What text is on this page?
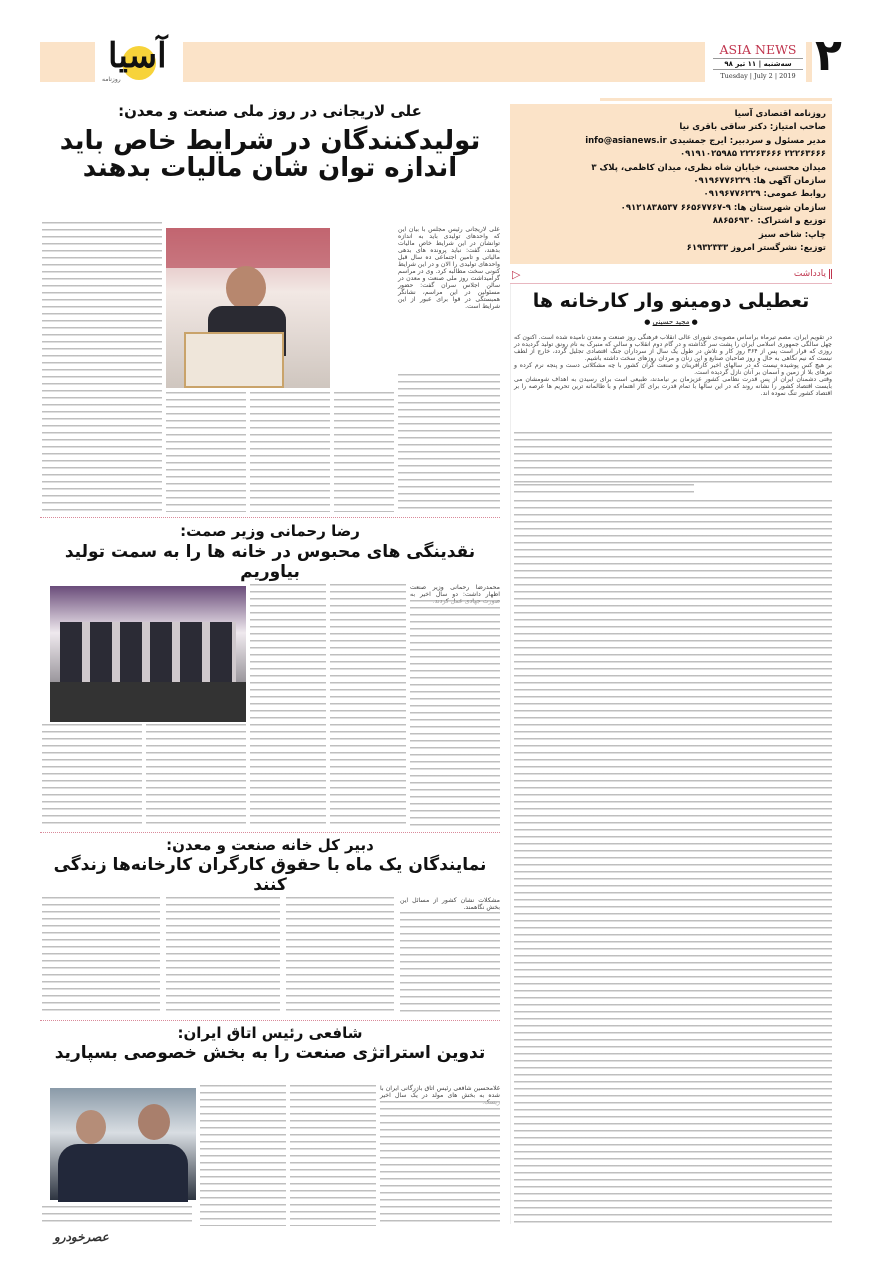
آسیا
روزنامه
ASIA NEWS
سه‌شنبه | ۱۱ تیر ۹۸
Tuesday | July 2 | 2019 ۲
روزنامه اقتصادی آسیا
صاحب امتیاز: دکتر ساقی باقری نیا
مدیر مسئول و سردبیر: ایرج جمشیدی info@asianews.ir
۲۲۲۶۳۶۶۶ ۲۲۲۶۳۶۶۶ ۰۹۱۹۱۰۲۵۹۸۵
میدان محسنی، خیابان شاه نظری، میدان کاظمی، پلاک ۳
سازمان آگهی ها: ۰۹۱۹۶۷۷۶۲۲۹
روابط عمومی: ۰۹۱۹۶۷۷۶۲۲۹
سازمان شهرستان ها: ۹-۶۶۵۶۷۷۶۷ ۰۹۱۲۱۸۳۸۵۳۷
توزیع و اشتراک: ۸۸۶۵۶۹۳۰
چاپ: شاخه سبز
توزیع: نشرگستر امروز ۶۱۹۳۲۳۳۳
▷	یادداشت
تعطیلی دومینو وار کارخانه ها
● مجید حسینی ●

در تقویم ایران، مصم تیرماه براساس مصوبه‌ی شورای عالی انقلاب فرهنگی روز صنعت و معدن نامیده شده است. اکنون که چهل سالگی جمهوری اسلامی ایران را پشت سر گذاشته و در گام دوم انقلاب و سالی که منبرک به نام رونق تولید گردیده در روزی که قرار است پس از ۳۶۴ روز کار و تلاش در طول یک سال از سرداران جنگ اقتصادی تجلیل گردد، خارج از لطف نیست که نیم نگاهی به حال و روز صاحبان صنایع و این زنان و مردان روزهای سخت داشته باشیم.

بر هیچ کس پوشیده نیست که در سالهای اخیر کارآفرینان و صنعت گران کشور با چه مشکلاتی دست و پنجه نرم کرده و تیرهای بلا از زمین و آسمان بر آنان نازل گردیده است.

وقتی دشمنان ایران از پس قدرت نظامی کشور عزیزمان بر نیامدند، طبیعی است برای رسیدن به اهداف شومشان می بایست اقتصاد کشور را نشانه روند که در این سالها با تمام قدرت برای کار اهتمام و با طالمانه ترین تحریم ها عرصه را بر اقتصاد کشور تنگ نموده اند.

علی لاریجانی در روز ملی صنعت و معدن:
تولیدکنندگان در شرایط خاص باید اندازه توان شان مالیات بدهند
علی لاریجانی رئیس مجلس با بیان این که واحدهای تولیدی باید به اندازه توانشان در این شرایط خاص مالیات بدهند، گفت: نباید پرونده های بدهی مالیاتی و تامین اجتماعی ده سال قبل واحدهای تولیدی را الان و در این شرایط کنونی سخت مطالبه کرد. وی در مراسم گرامیداشت روز ملی صنعت و معدن در سالن اجلاس سران گفت: حضور مسئولین در این مراسم، نشانگر همبستگی در قوا برای عبور از این شرایط است.
رضا رحمانی وزیر صمت:
نقدینگی های محبوس در خانه ها را به سمت تولید بیاوریم
محمدرضا رحمانی وزیر صنعت اظهار داشت: دو سال اخیر به
دبیر کل خانه صنعت و معدن:
نمایندگان یک ماه با حقوق کارگران کارخانه‌ها زندگی کنند
مشکلات نشان کشور از مسائل این بخش نگاهمند.
شافعی رئیس اتاق ایران:
تدوین استراتژی صنعت را به بخش خصوصی بسپارید
غلامحسین شافعی رئیس اتاق بازرگانی ایران با شده به بخش های مولد در یک سال اخیر
عصرخودرو
